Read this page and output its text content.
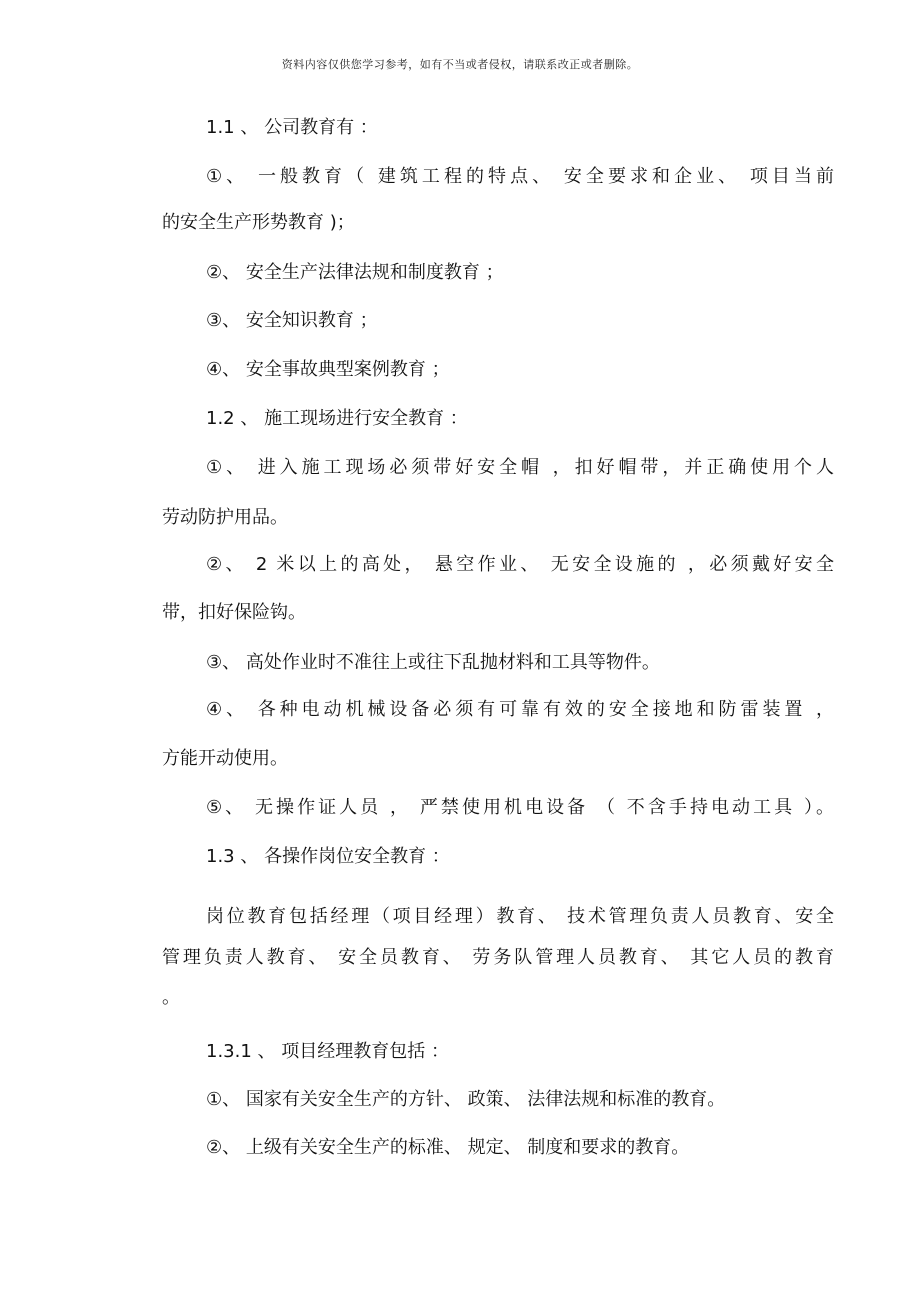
资料内容仅供您学习参考，如有不当或者侵权，请联系改正或者删除。
1.1 、 公司教育有 ：
①、 一般教育（ 建筑工程的特点、 安全要求和企业、 项目当前
的安全生产形势教育 )；
②、 安全生产法律法规和制度教育 ；
③、 安全知识教育 ；
④、 安全事故典型案例教育 ；
1.2 、 施工现场进行安全教育 ：
①、 进入施工现场必须带好安全帽 ，扣好帽带，并正确使用个人
劳动防护用品。
②、 2 米以上的高处， 悬空作业、 无安全设施的 ，必须戴好安全
带，扣好保险钩。
③、 高处作业时不准往上或往下乱抛材料和工具等物件。
④、 各种电动机械设备必须有可靠有效的安全接地和防雷装置 ，
方能开动使用。
⑤、 无操作证人员 ， 严禁使用机电设备 （ 不含手持电动工具 ）。
1.3 、 各操作岗位安全教育 ：
岗位教育包括经理（项目经理）教育、 技术管理负责人员教育、安全
管理负责人教育、 安全员教育、 劳务队管理人员教育、 其它人员的教育
。
1.3.1 、 项目经理教育包括 ：
①、 国家有关安全生产的方针、 政策、 法律法规和标准的教育。
②、 上级有关安全生产的标准、 规定、 制度和要求的教育。
